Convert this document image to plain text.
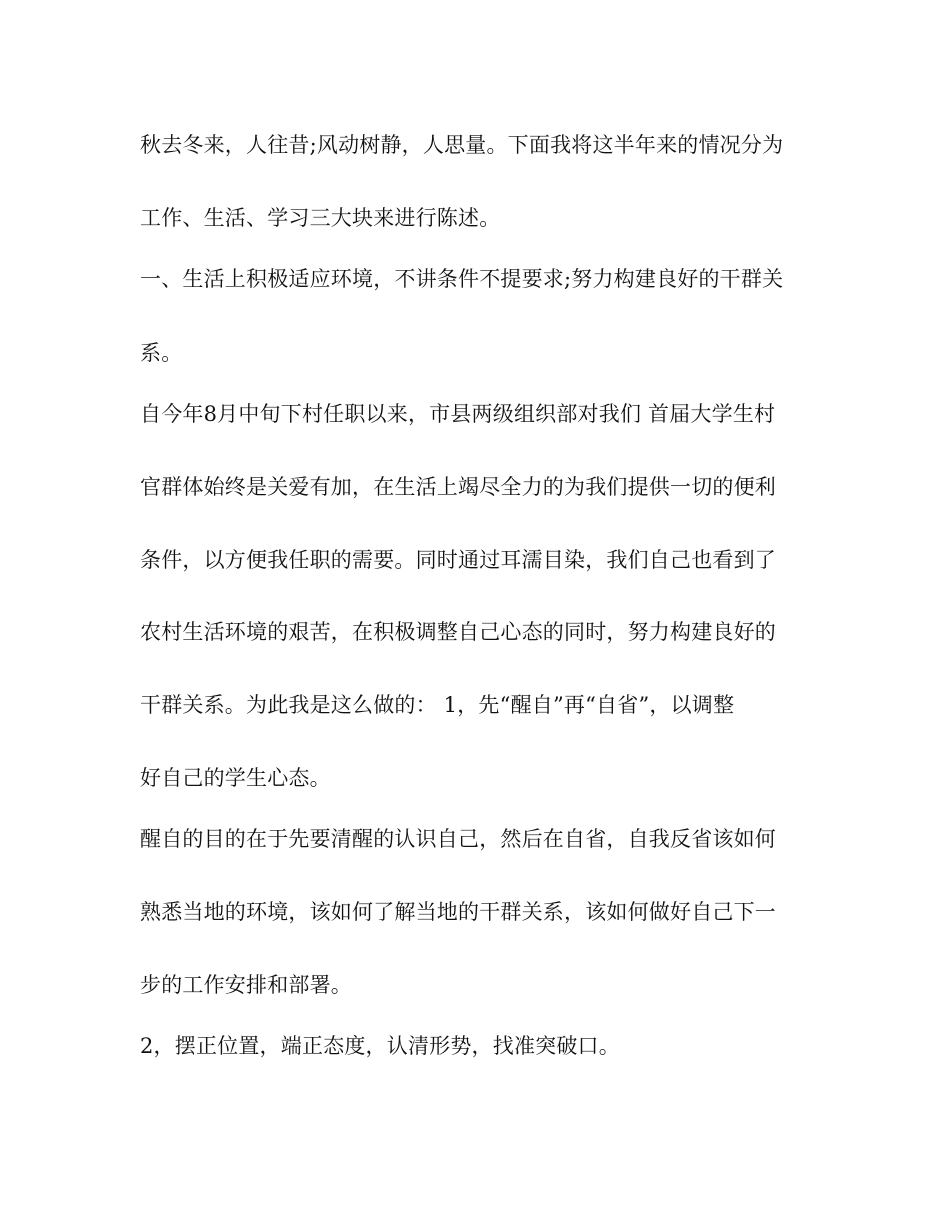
秋去冬来，人往昔;风动树静，人思量。下面我将这半年来的情况分为
工作、生活、学习三大块来进行陈述。
一、生活上积极适应环境，不讲条件不提要求;努力构建良好的干群关
系。
自今年8月中旬下村任职以来，市县两级组织部对我们 首届大学生村
官群体始终是关爱有加，在生活上竭尽全力的为我们提供一切的便利
条件，以方便我任职的需要。同时通过耳濡目染，我们自己也看到了
农村生活环境的艰苦，在积极调整自己心态的同时，努力构建良好的
干群关系。为此我是这么做的： 1，先“醒自”再“自省”，以调整
好自己的学生心态。
醒自的目的在于先要清醒的认识自己，然后在自省，自我反省该如何
熟悉当地的环境，该如何了解当地的干群关系，该如何做好自己下一
步的工作安排和部署。
2，摆正位置，端正态度，认清形势，找准突破口。
